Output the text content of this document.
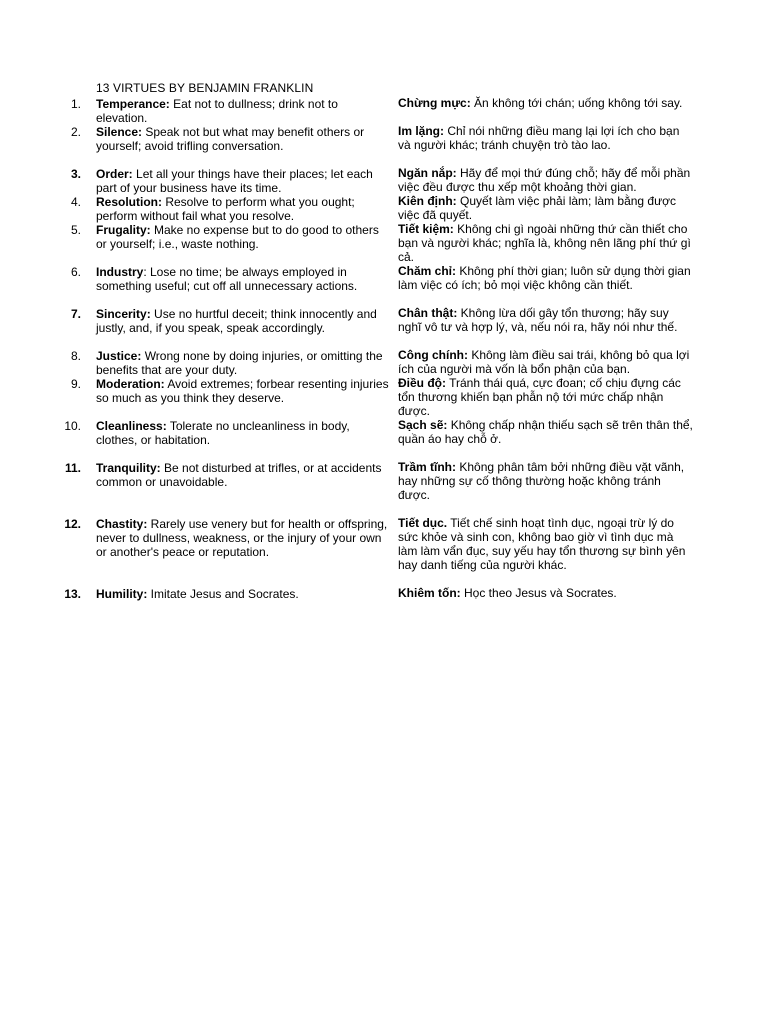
13 VIRTUES BY BENJAMIN FRANKLIN
1. Temperance: Eat not to dullness; drink not to elevation.
Chừng mực: Ăn không tới chán; uống không tới say.
2. Silence: Speak not but what may benefit others or yourself; avoid trifling conversation.
Im lặng: Chỉ nói những điều mang lại lợi ích cho bạn và người khác; tránh chuyện trò tào lao.
3. Order: Let all your things have their places; let each part of your business have its time.
Ngăn nắp: Hãy để mọi thứ đúng chỗ; hãy để mỗi phần việc đều được thu xếp một khoảng thời gian.
4. Resolution: Resolve to perform what you ought; perform without fail what you resolve.
Kiên định: Quyết làm việc phải làm; làm bằng được việc đã quyết.
5. Frugality: Make no expense but to do good to others or yourself; i.e., waste nothing.
Tiết kiệm: Không chi gì ngoài những thứ cần thiết cho bạn và người khác; nghĩa là, không nên lãng phí thứ gì cả.
6. Industry: Lose no time; be always employed in something useful; cut off all unnecessary actions.
Chăm chỉ: Không phí thời gian; luôn sử dụng thời gian làm việc có ích; bỏ mọi việc không cần thiết.
7. Sincerity: Use no hurtful deceit; think innocently and justly, and, if you speak, speak accordingly.
Chân thật: Không lừa dối gây tổn thương; hãy suy nghĩ vô tư và hợp lý, và, nếu nói ra, hãy nói như thế.
8. Justice: Wrong none by doing injuries, or omitting the benefits that are your duty.
Công chính: Không làm điều sai trái, không bỏ qua lợi ích của người mà vốn là bổn phận của bạn.
9. Moderation: Avoid extremes; forbear resenting injuries so much as you think they deserve.
Điều độ: Tránh thái quá, cực đoan; cố chịu đựng các tổn thương khiến bạn phẫn nộ tới mức chấp nhận được.
10. Cleanliness: Tolerate no uncleanliness in body, clothes, or habitation.
Sạch sẽ: Không chấp nhận thiếu sạch sẽ trên thân thể, quần áo hay chỗ ở.
11. Tranquility: Be not disturbed at trifles, or at accidents common or unavoidable.
Trầm tĩnh: Không phân tâm bởi những điều vặt vãnh, hay những sự cố thông thường hoặc không tránh được.
12. Chastity: Rarely use venery but for health or offspring, never to dullness, weakness, or the injury of your own or another's peace or reputation.
Tiết dục. Tiết chế sinh hoạt tình dục, ngoại trừ lý do sức khỏe và sinh con, không bao giờ vì tình dục mà làm làm vẩn đục, suy yếu hay tổn thương sự bình yên hay danh tiếng của người khác.
13. Humility: Imitate Jesus and Socrates.	Khiêm tốn: Học theo Jesus và Socrates.
